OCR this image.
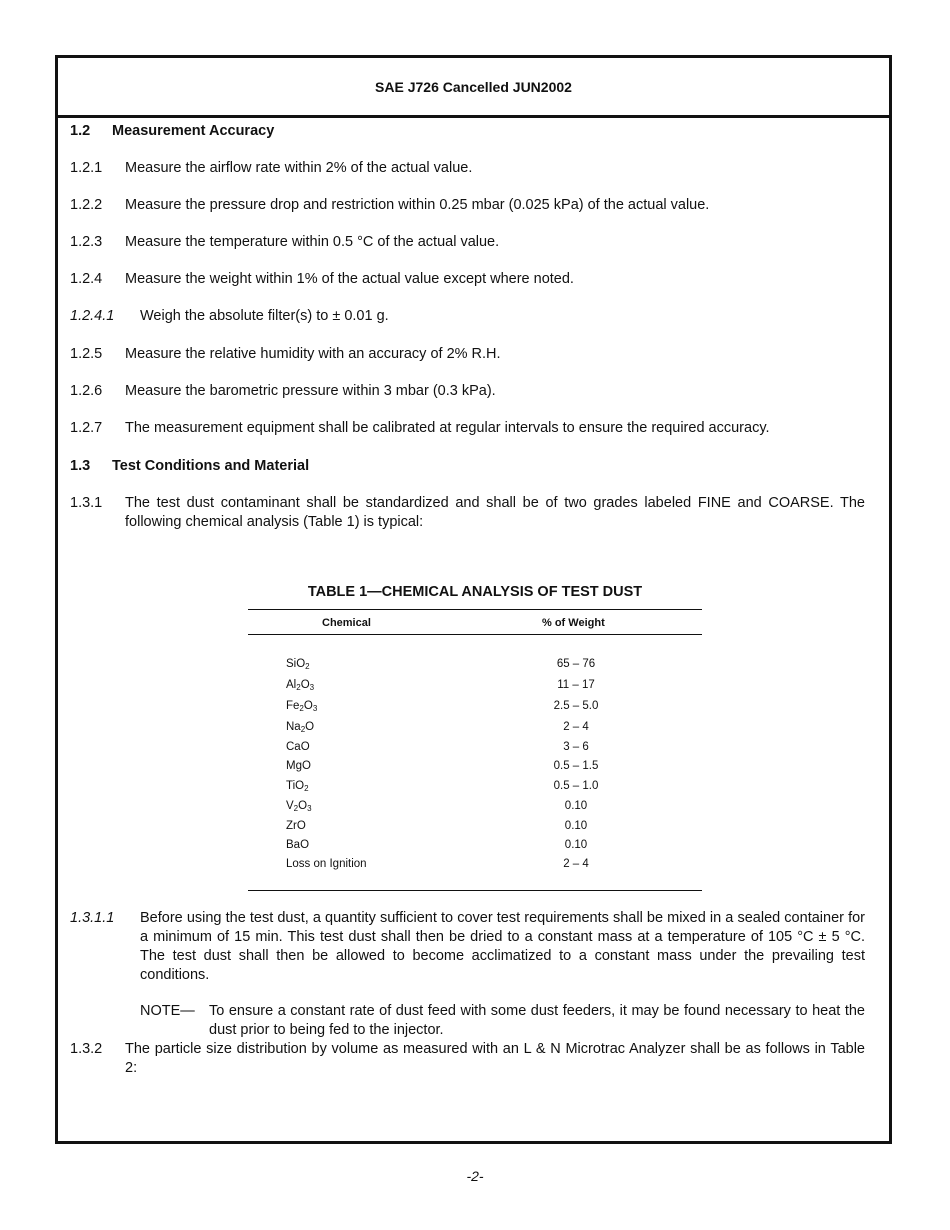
SAE J726 Cancelled JUN2002
1.2 Measurement Accuracy
1.2.1 Measure the airflow rate within 2% of the actual value.
1.2.2 Measure the pressure drop and restriction within 0.25 mbar (0.025 kPa) of the actual value.
1.2.3 Measure the temperature within 0.5 °C of the actual value.
1.2.4 Measure the weight within 1% of the actual value except where noted.
1.2.4.1 Weigh the absolute filter(s) to ± 0.01 g.
1.2.5 Measure the relative humidity with an accuracy of 2% R.H.
1.2.6 Measure the barometric pressure within 3 mbar (0.3 kPa).
1.2.7 The measurement equipment shall be calibrated at regular intervals to ensure the required accuracy.
1.3 Test Conditions and Material
1.3.1 The test dust contaminant shall be standardized and shall be of two grades labeled FINE and COARSE. The following chemical analysis (Table 1) is typical:
TABLE 1—CHEMICAL ANALYSIS OF TEST DUST
Chemical	% of Weight
SiO$_2$	65 – 76
$Al_2O_3$	11 – 17
$Fe_2O_3$	2.5 – 5.0
$Na_2O$	2 – 4
CaO	3 – 6
MgO	0.5 – 1.5
TiO$_2$	0.5 – 1.0
$V_2O_3$	0.10
ZrO	0.10
BaO	0.10
Loss on Ignition	2 – 4
1.3.1.1 Before using the test dust, a quantity sufficient to cover test requirements shall be mixed in a sealed container for a minimum of 15 min. This test dust shall then be dried to a constant mass at a temperature of 105 °C ± 5 °C. The test dust shall then be allowed to become acclimatized to a constant mass under the prevailing test conditions.
NOTE— To ensure a constant rate of dust feed with some dust feeders, it may be found necessary to heat the dust prior to being fed to the injector.
1.3.2 The particle size distribution by volume as measured with an L & N Microtrac Analyzer shall be as follows in Table 2:
-2-
